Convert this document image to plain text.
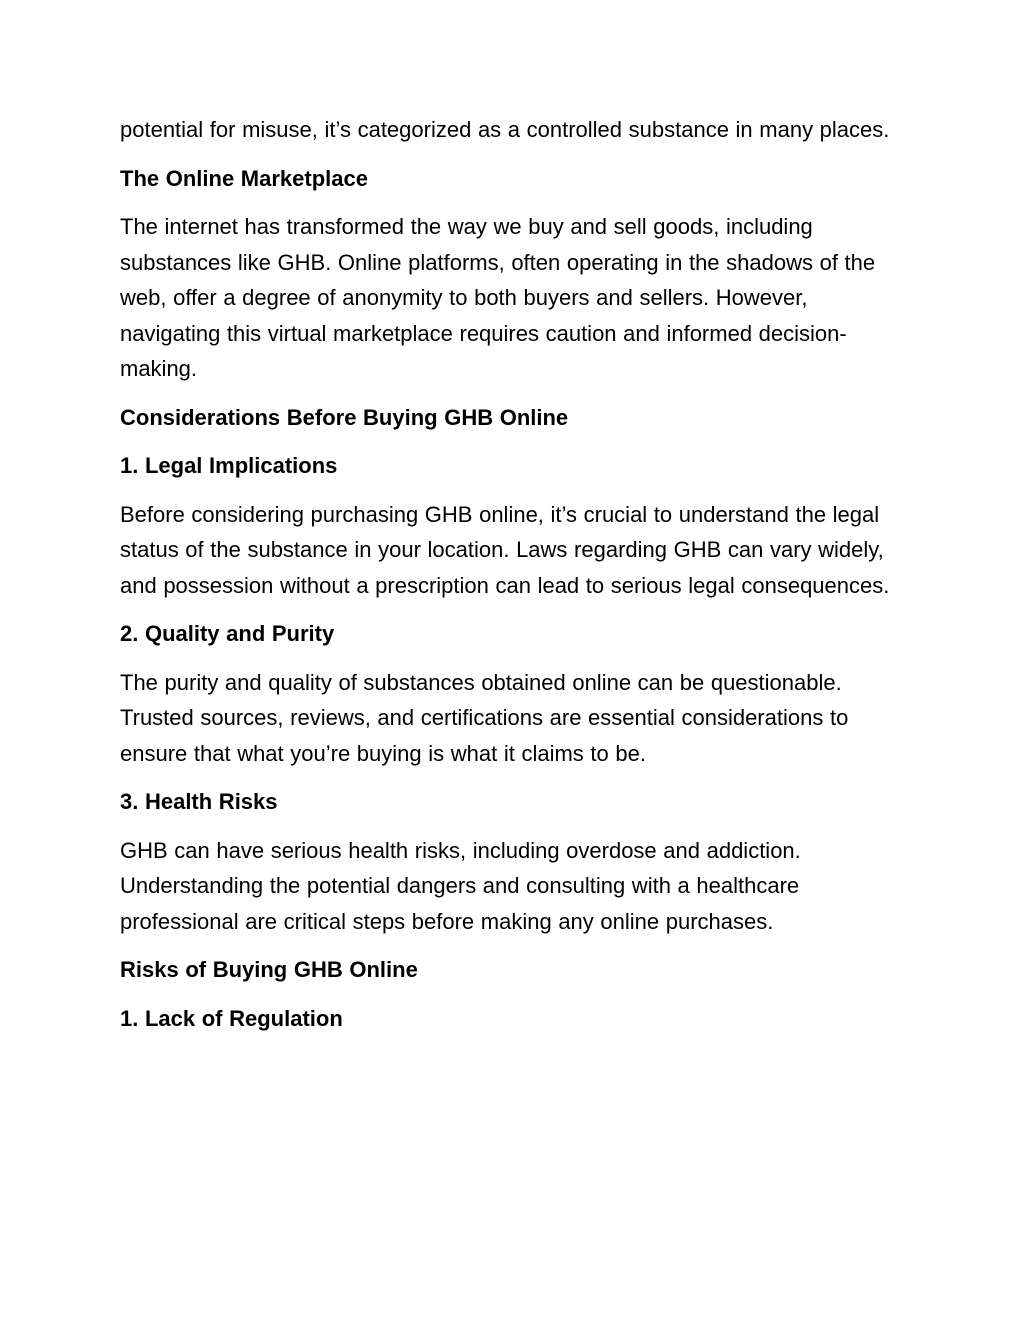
potential for misuse, it’s categorized as a controlled substance in many places.

The Online Marketplace

The internet has transformed the way we buy and sell goods, including substances like GHB. Online platforms, often operating in the shadows of the web, offer a degree of anonymity to both buyers and sellers. However, navigating this virtual marketplace requires caution and informed decision-making.

Considerations Before Buying GHB Online
1. Legal Implications

Before considering purchasing GHB online, it’s crucial to understand the legal status of the substance in your location. Laws regarding GHB can vary widely, and possession without a prescription can lead to serious legal consequences.

2. Quality and Purity

The purity and quality of substances obtained online can be questionable. Trusted sources, reviews, and certifications are essential considerations to ensure that what you’re buying is what it claims to be.

3. Health Risks

GHB can have serious health risks, including overdose and addiction. Understanding the potential dangers and consulting with a healthcare professional are critical steps before making any online purchases.

Risks of Buying GHB Online
1. Lack of Regulation
